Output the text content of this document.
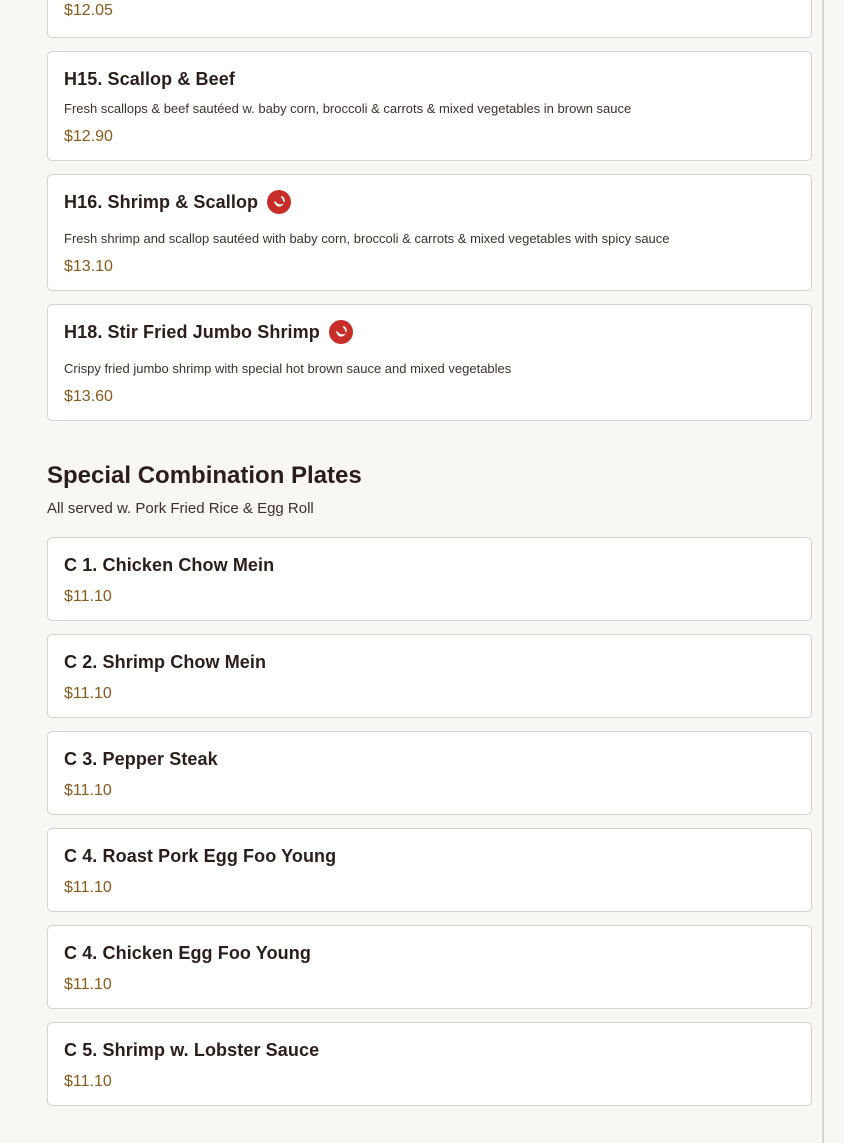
$12.05
H15. Scallop & Beef
Fresh scallops & beef sautéed w. baby corn, broccoli & carrots & mixed vegetables in brown sauce
$12.90
H16. Shrimp & Scallop
Fresh shrimp and scallop sautéed with baby corn, broccoli & carrots & mixed vegetables with spicy sauce
$13.10
H18. Stir Fried Jumbo Shrimp
Crispy fried jumbo shrimp with special hot brown sauce and mixed vegetables
$13.60
Special Combination Plates
All served w. Pork Fried Rice & Egg Roll
C 1. Chicken Chow Mein
$11.10
C 2. Shrimp Chow Mein
$11.10
C 3. Pepper Steak
$11.10
C 4. Roast Pork Egg Foo Young
$11.10
C 4. Chicken Egg Foo Young
$11.10
C 5. Shrimp w. Lobster Sauce
$11.10
